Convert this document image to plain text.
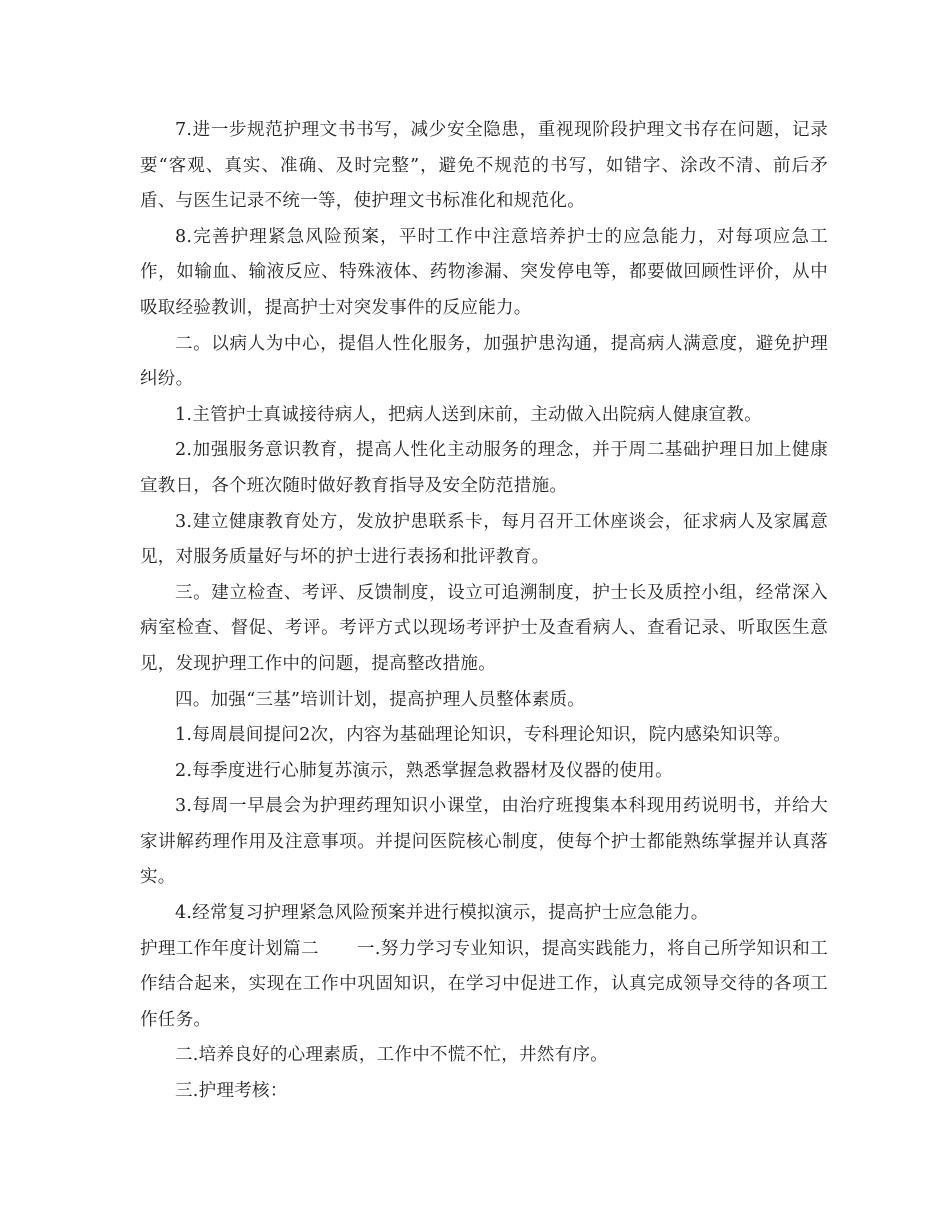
7.进一步规范护理文书书写，减少安全隐患，重视现阶段护理文书存在问题，记录要“客观、真实、准确、及时完整”，避免不规范的书写，如错字、涂改不清、前后矛盾、与医生记录不统一等，使护理文书标准化和规范化。

8.完善护理紧急风险预案，平时工作中注意培养护士的应急能力，对每项应急工作，如输血、输液反应、特殊液体、药物渗漏、突发停电等，都要做回顾性评价，从中吸取经验教训，提高护士对突发事件的反应能力。

二。以病人为中心，提倡人性化服务，加强护患沟通，提高病人满意度，避免护理纠纷。

1.主管护士真诚接待病人，把病人送到床前，主动做入出院病人健康宣教。

2.加强服务意识教育，提高人性化主动服务的理念，并于周二基础护理日加上健康宣教日，各个班次随时做好教育指导及安全防范措施。

3.建立健康教育处方，发放护患联系卡，每月召开工休座谈会，征求病人及家属意见，对服务质量好与坏的护士进行表扬和批评教育。

三。建立检查、考评、反馈制度，设立可追溯制度，护士长及质控小组，经常深入病室检查、督促、考评。考评方式以现场考评护士及查看病人、查看记录、听取医生意见，发现护理工作中的问题，提高整改措施。

四。加强“三基”培训计划，提高护理人员整体素质。

1.每周晨间提问2次，内容为基础理论知识，专科理论知识，院内感染知识等。

2.每季度进行心肺复苏演示，熟悉掌握急救器材及仪器的使用。

3.每周一早晨会为护理药理知识小课堂，由治疗班搜集本科现用药说明书，并给大家讲解药理作用及注意事项。并提问医院核心制度，使每个护士都能熟练掌握并认真落实。

4.经常复习护理紧急风险预案并进行模拟演示，提高护士应急能力。

护理工作年度计划篇二 一.努力学习专业知识，提高实践能力，将自己所学知识和工作结合起来，实现在工作中巩固知识，在学习中促进工作，认真完成领导交待的各项工作任务。

二.培养良好的心理素质，工作中不慌不忙，井然有序。

三.护理考核：
